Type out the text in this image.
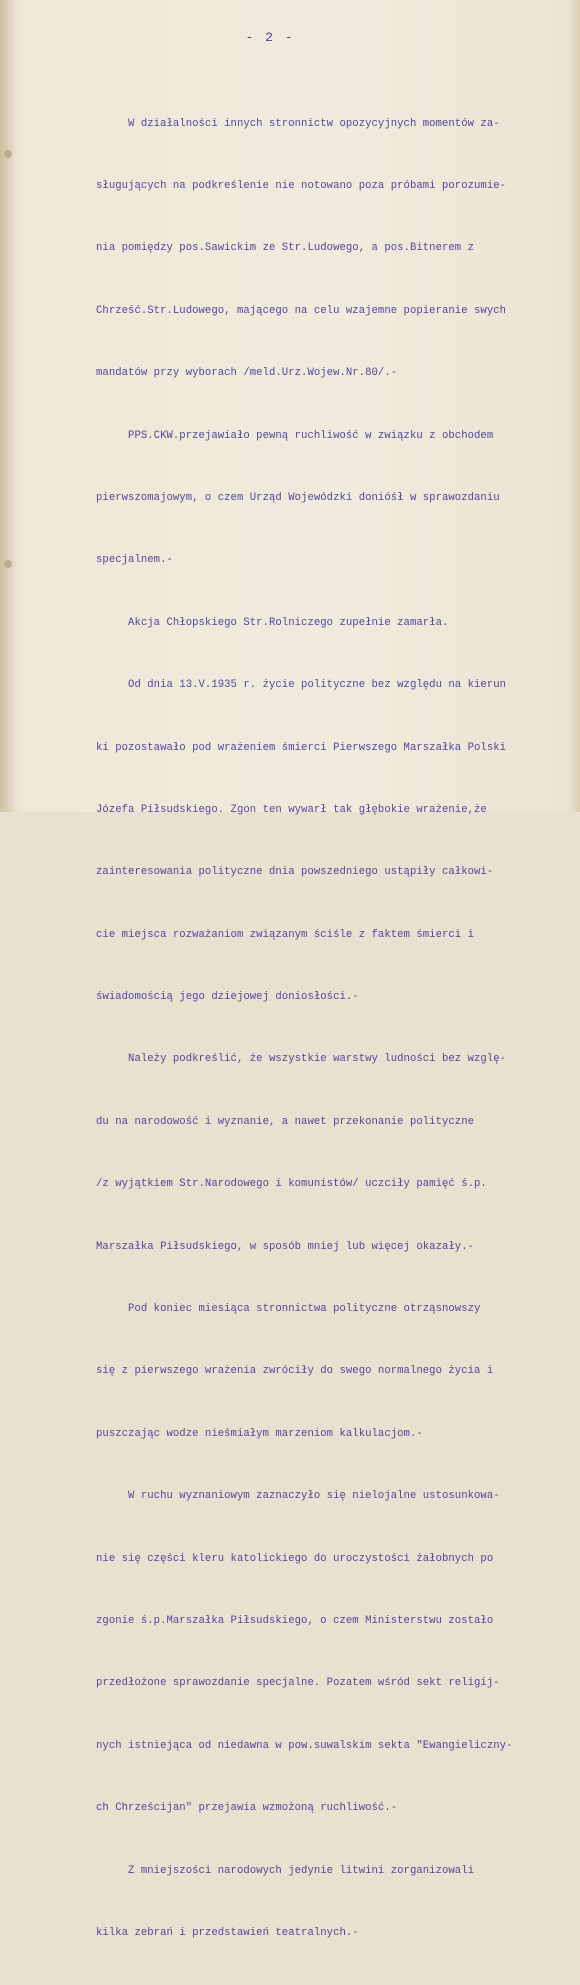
- 2 -

W działalności innych stronnictw opozycyjnych momentów za-

sługujących na podkreślenie nie notowano poza próbami porozumie-

nia pomiędzy pos.Sawickim ze Str.Ludowego, a pos.Bitnerem z

Chrześć.Str.Ludowego, mającego na celu wzajemne popieranie swych

mandatów przy wyborach /meld.Urz.Wojew.Nr.80/.-

PPS.CKW.przejawiało pewną ruchliwość w związku z obchodem

pierwszomajowym, o czem Urząd Wojewódzki donióśł w sprawozdaniu

specjalnem.-

Akcja Chłopskiego Str.Rolniczego zupełnie zamarła.

Od dnia 13.V.1935 r. życie polityczne bez względu na kierun

ki pozostawało pod wrażeniem śmierci Pierwszego Marszałka Polski

Józefa Piłsudskiego. Zgon ten wywarł tak głębokie wrażenie,że

zainteresowania polityczne dnia powszedniego ustąpiły całkowi-

cie miejsca rozważaniom związanym ściśle z faktem śmierci i

świadomością jego dziejowej doniosłości.-

Należy podkreślić, że wszystkie warstwy ludności bez wzglę-

du na narodowość i wyznanie, a nawet przekonanie polityczne

/z wyjątkiem Str.Narodowego i komunistów/ uczciły pamięć ś.p.

Marszałka Piłsudskiego, w sposób mniej lub więcej okazały.-

Pod koniec miesiąca stronnictwa polityczne otrząsnowszy

się z pierwszego wrażenia zwróciły do swego normalnego życia i

puszczając wodze nieśmiałym marzeniom kalkulacjom.-

W ruchu wyznaniowym zaznaczyło się nielojalne ustosunkowa-

nie się części kleru katolickiego do uroczystości żałobnych po

zgonie ś.p.Marszałka Piłsudskiego, o czem Ministerstwu zostało

przedłożone sprawozdanie specjalne. Pozatem wśród sekt religij-

nych istniejąca od niedawna w pow.suwalskim sekta "Ewangieliczny-

ch Chrześcijan" przejawia wzmożoną ruchliwość.-

Z mniejszości narodowych jedynie litwini zorganizowali

kilka zebrań i przedstawień teatralnych.-
